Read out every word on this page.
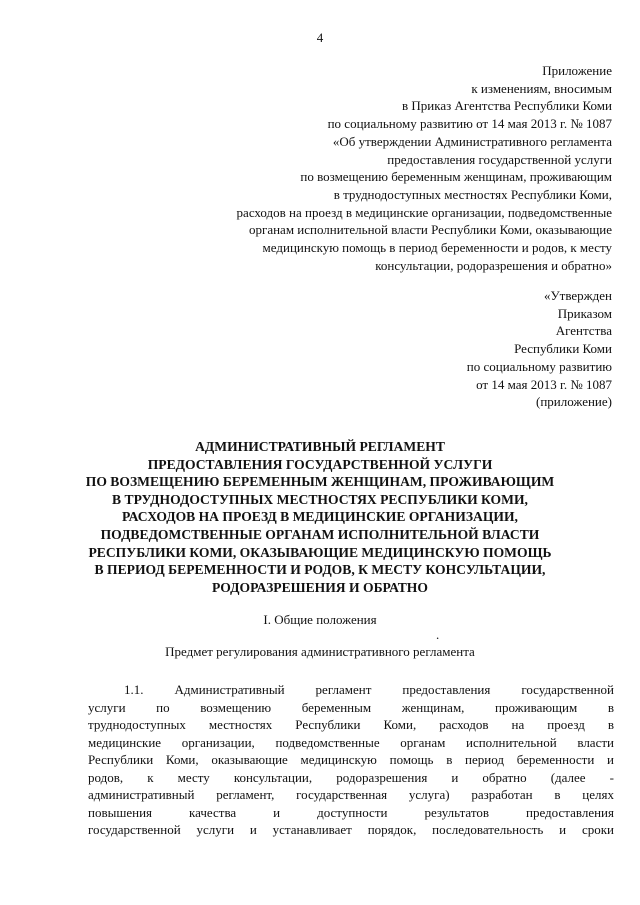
4
Приложение
к изменениям, вносимым
в Приказ Агентства Республики Коми
по социальному развитию от 14 мая 2013 г. № 1087
«Об утверждении Административного регламента
предоставления государственной услуги
по возмещению беременным женщинам, проживающим
в труднодоступных местностях Республики Коми,
расходов на проезд в медицинские организации, подведомственные
органам исполнительной власти Республики Коми, оказывающие
медицинскую помощь в период беременности и родов, к месту
консультации, родоразрешения и обратно»
«Утвержден
Приказом
Агентства
Республики Коми
по социальному развитию
от 14 мая 2013 г. № 1087
(приложение)
АДМИНИСТРАТИВНЫЙ РЕГЛАМЕНТ
ПРЕДОСТАВЛЕНИЯ ГОСУДАРСТВЕННОЙ УСЛУГИ
ПО ВОЗМЕЩЕНИЮ БЕРЕМЕННЫМ ЖЕНЩИНАМ, ПРОЖИВАЮЩИМ
В ТРУДНОДОСТУПНЫХ МЕСТНОСТЯХ РЕСПУБЛИКИ КОМИ,
РАСХОДОВ НА ПРОЕЗД В МЕДИЦИНСКИЕ ОРГАНИЗАЦИИ,
ПОДВЕДОМСТВЕННЫЕ ОРГАНАМ ИСПОЛНИТЕЛЬНОЙ ВЛАСТИ
РЕСПУБЛИКИ КОМИ, ОКАЗЫВАЮЩИЕ МЕДИЦИНСКУЮ ПОМОЩЬ
В ПЕРИОД БЕРЕМЕННОСТИ И РОДОВ, К МЕСТУ КОНСУЛЬТАЦИИ,
РОДОРАЗРЕШЕНИЯ И ОБРАТНО
I. Общие положения
.
Предмет регулирования административного регламента
1.1. Административный регламент предоставления государственной
услуги по возмещению беременным женщинам, проживающим в
труднодоступных местностях Республики Коми, расходов на проезд в
медицинские организации, подведомственные органам исполнительной власти
Республики Коми, оказывающие медицинскую помощь в период беременности и
родов, к месту консультации, родоразрешения и обратно (далее -
административный регламент, государственная услуга) разработан в целях
повышения качества и доступности результатов предоставления
государственной услуги и устанавливает порядок, последовательность и сроки
